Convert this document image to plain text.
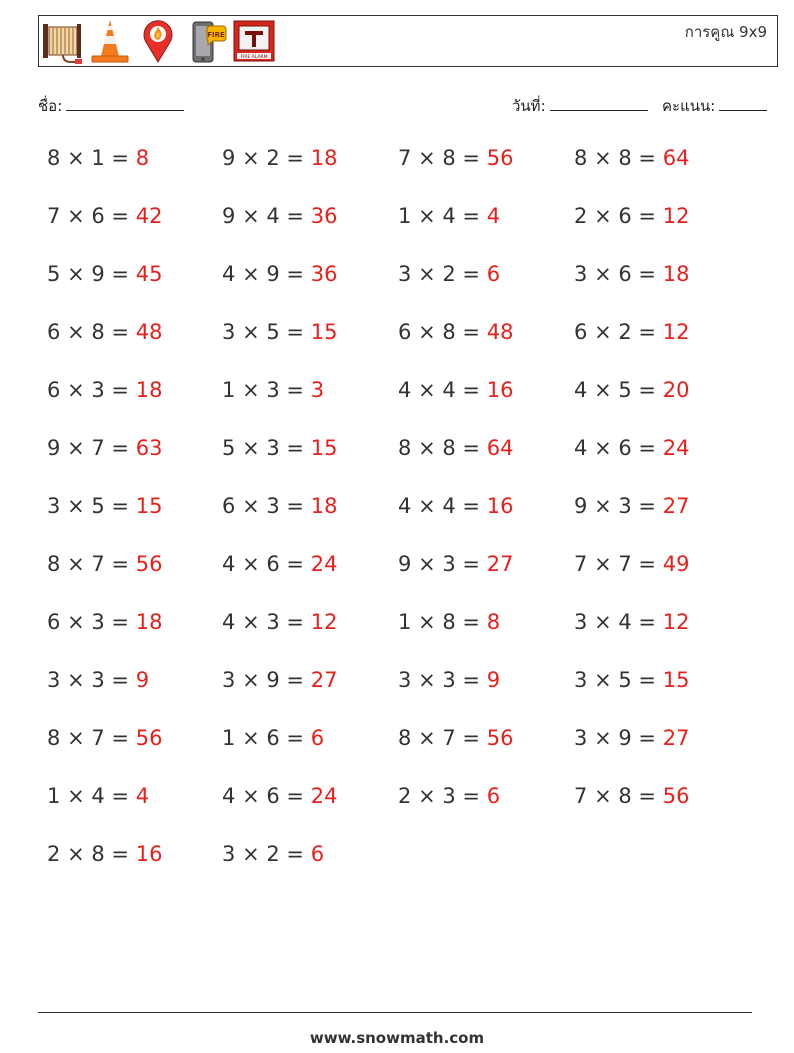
FIRE
FIRE ALARM
การคูณ 9x9
ชื่อ:	วันที่:	คะแนน:
8 × 1 = 8	9 × 2 = 18	7 × 8 = 56	8 × 8 = 64
7 × 6 = 42	9 × 4 = 36	1 × 4 = 4	2 × 6 = 12
5 × 9 = 45	4 × 9 = 36	3 × 2 = 6	3 × 6 = 18
6 × 8 = 48	3 × 5 = 15	6 × 8 = 48	6 × 2 = 12
6 × 3 = 18	1 × 3 = 3	4 × 4 = 16	4 × 5 = 20
9 × 7 = 63	5 × 3 = 15	8 × 8 = 64	4 × 6 = 24
3 × 5 = 15	6 × 3 = 18	4 × 4 = 16	9 × 3 = 27
8 × 7 = 56	4 × 6 = 24	9 × 3 = 27	7 × 7 = 49
6 × 3 = 18	4 × 3 = 12	1 × 8 = 8	3 × 4 = 12
3 × 3 = 9	3 × 9 = 27	3 × 3 = 9	3 × 5 = 15
8 × 7 = 56	1 × 6 = 6	8 × 7 = 56	3 × 9 = 27
1 × 4 = 4	4 × 6 = 24	2 × 3 = 6	7 × 8 = 56
2 × 8 = 16	3 × 2 = 6
www.snowmath.com
